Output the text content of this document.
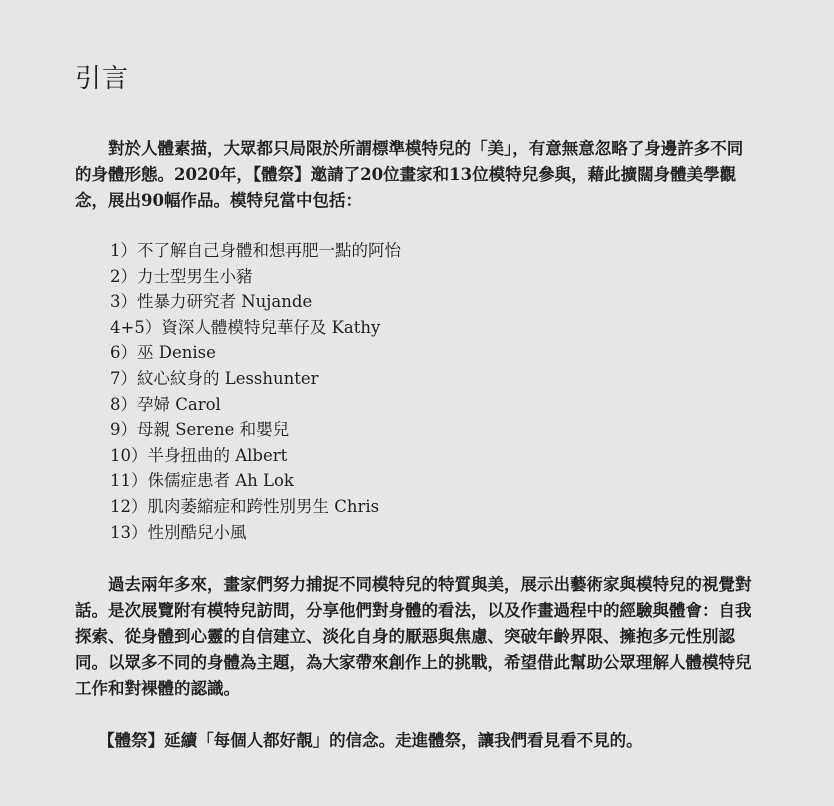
引言
對於人體素描，大眾都只局限於所謂標準模特兒的「美」，有意無意忽略了身邊許多不同的身體形態。2020年，【體祭】邀請了20位畫家和13位模特兒參與，藉此擴闊身體美學觀念，展出90幅作品。模特兒當中包括：
1）不了解自己身體和想再肥一點的阿怡
2）力士型男生小豬
3）性暴力研究者 Nujande
4+5）資深人體模特兒華仔及 Kathy
6）巫 Denise
7）紋心紋身的 Lesshunter
8）孕婦 Carol
9）母親 Serene 和嬰兒
10）半身扭曲的 Albert
11）侏儒症患者 Ah Lok
12）肌肉萎縮症和跨性別男生 Chris
13）性別酷兒小風
過去兩年多來，畫家們努力捕捉不同模特兒的特質與美，展示出藝術家與模特兒的視覺對話。是次展覽附有模特兒訪問，分享他們對身體的看法，以及作畫過程中的經驗與體會：自我探索、從身體到心靈的自信建立、淡化自身的厭惡與焦慮、突破年齡界限、擁抱多元性別認同。以眾多不同的身體為主題，為大家帶來創作上的挑戰，希望借此幫助公眾理解人體模特兒工作和對裸體的認識。
【體祭】延續「每個人都好靚」的信念。走進體祭，讓我們看見看不見的。
